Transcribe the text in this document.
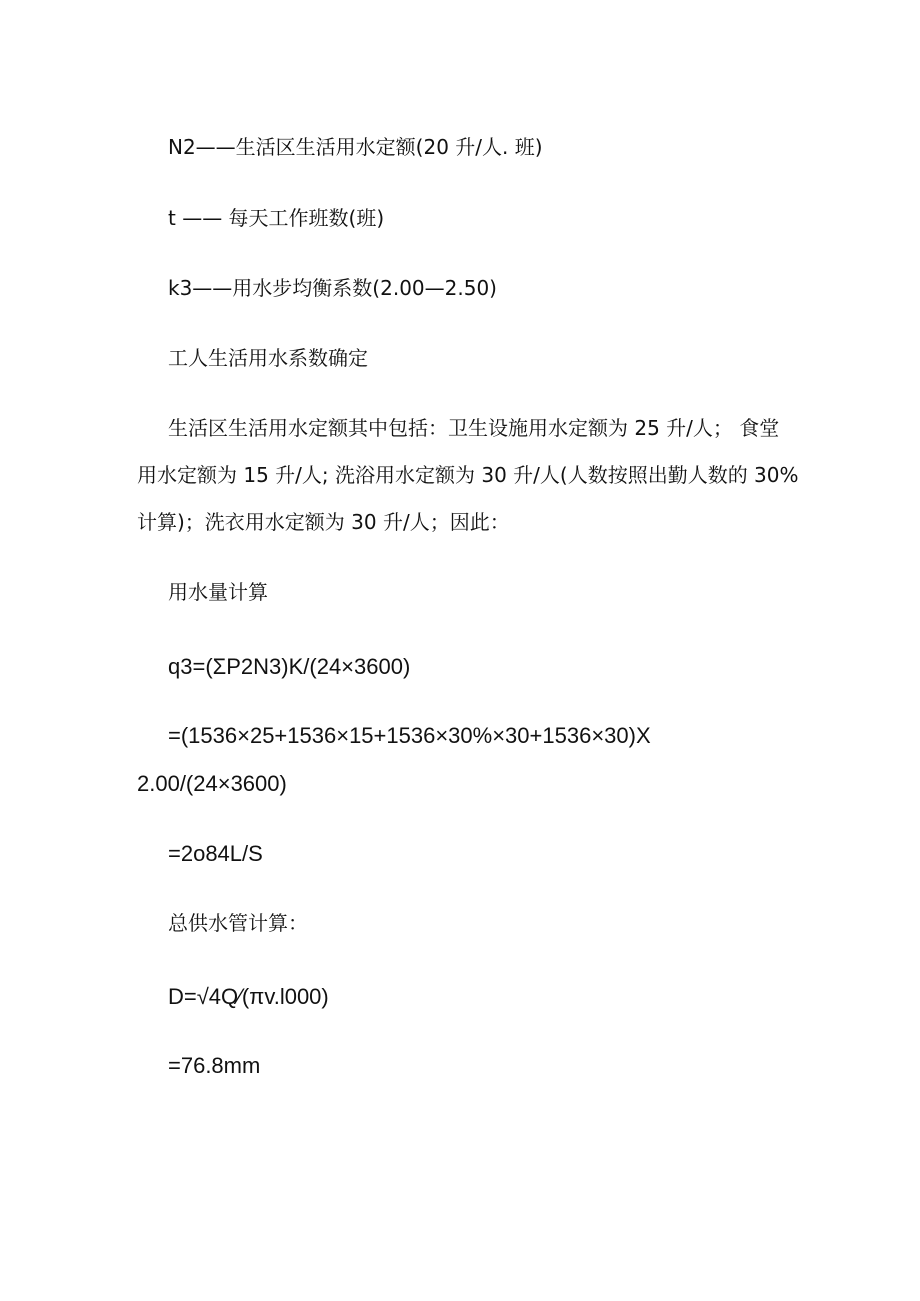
N2——生活区生活用水定额(20 升/人. 班)
t —— 每天工作班数(班)
k3——用水步均衡系数(2.00—2.50)
工人生活用水系数确定
生活区生活用水定额其中包括：卫生设施用水定额为 25 升/人； 食堂
用水定额为 15 升/人; 洗浴用水定额为 30 升/人(人数按照出勤人数的 30%
计算)；洗衣用水定额为 30 升/人；因此：
用水量计算
q3=(ΣP2N3)K/(24×3600)
=(1536×25+1536×15+1536×30%×30+1536×30)X
2.00/(24×3600)
=2o84L/S
总供水管计算：
D=√4Q⁄(πv.l000)
=76.8mm
